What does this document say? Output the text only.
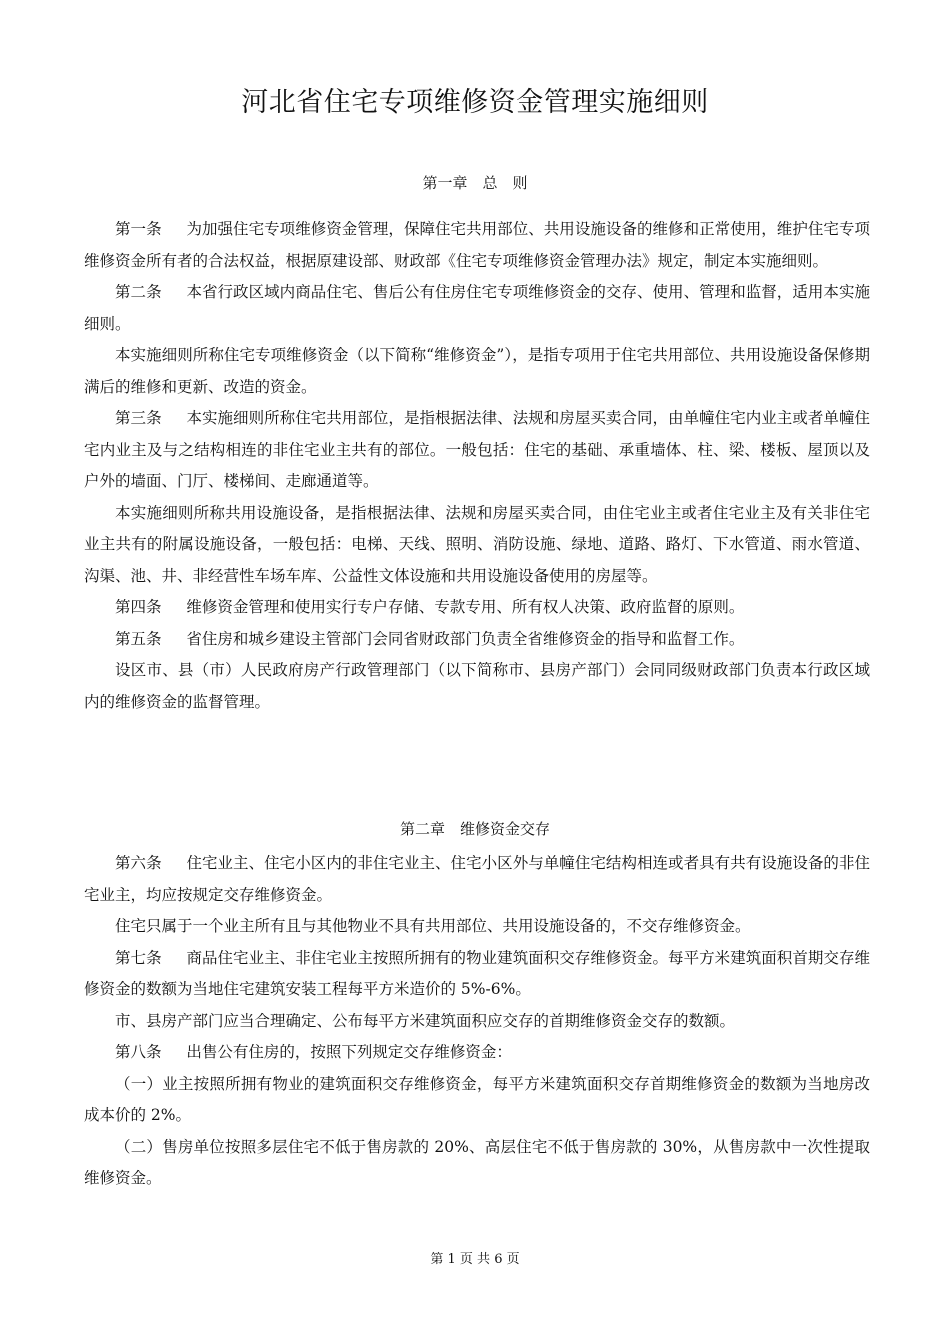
河北省住宅专项维修资金管理实施细则

第一章　总　则

第一条 为加强住宅专项维修资金管理，保障住宅共用部位、共用设施设备的维修和正常使用，维护住宅专项维修资金所有者的合法权益，根据原建设部、财政部《住宅专项维修资金管理办法》规定，制定本实施细则。

第二条 本省行政区域内商品住宅、售后公有住房住宅专项维修资金的交存、使用、管理和监督，适用本实施细则。

本实施细则所称住宅专项维修资金（以下简称“维修资金”），是指专项用于住宅共用部位、共用设施设备保修期满后的维修和更新、改造的资金。

第三条 本实施细则所称住宅共用部位，是指根据法律、法规和房屋买卖合同，由单幢住宅内业主或者单幢住宅内业主及与之结构相连的非住宅业主共有的部位。一般包括：住宅的基础、承重墙体、柱、梁、楼板、屋顶以及户外的墙面、门厅、楼梯间、走廊通道等。

本实施细则所称共用设施设备，是指根据法律、法规和房屋买卖合同，由住宅业主或者住宅业主及有关非住宅业主共有的附属设施设备，一般包括：电梯、天线、照明、消防设施、绿地、道路、路灯、下水管道、雨水管道、沟渠、池、井、非经营性车场车库、公益性文体设施和共用设施设备使用的房屋等。

第四条 维修资金管理和使用实行专户存储、专款专用、所有权人决策、政府监督的原则。

第五条 省住房和城乡建设主管部门会同省财政部门负责全省维修资金的指导和监督工作。

设区市、县（市）人民政府房产行政管理部门（以下简称市、县房产部门）会同同级财政部门负责本行政区域内的维修资金的监督管理。

第二章　维修资金交存

第六条 住宅业主、住宅小区内的非住宅业主、住宅小区外与单幢住宅结构相连或者具有共有设施设备的非住宅业主，均应按规定交存维修资金。

住宅只属于一个业主所有且与其他物业不具有共用部位、共用设施设备的，不交存维修资金。

第七条 商品住宅业主、非住宅业主按照所拥有的物业建筑面积交存维修资金。每平方米建筑面积首期交存维修资金的数额为当地住宅建筑安装工程每平方米造价的 5%-6%。

市、县房产部门应当合理确定、公布每平方米建筑面积应交存的首期维修资金交存的数额。

第八条 出售公有住房的，按照下列规定交存维修资金：

（一）业主按照所拥有物业的建筑面积交存维修资金，每平方米建筑面积交存首期维修资金的数额为当地房改成本价的 2%。

（二）售房单位按照多层住宅不低于售房款的 20%、高层住宅不低于售房款的 30%，从售房款中一次性提取维修资金。

第 1 页 共 6 页
